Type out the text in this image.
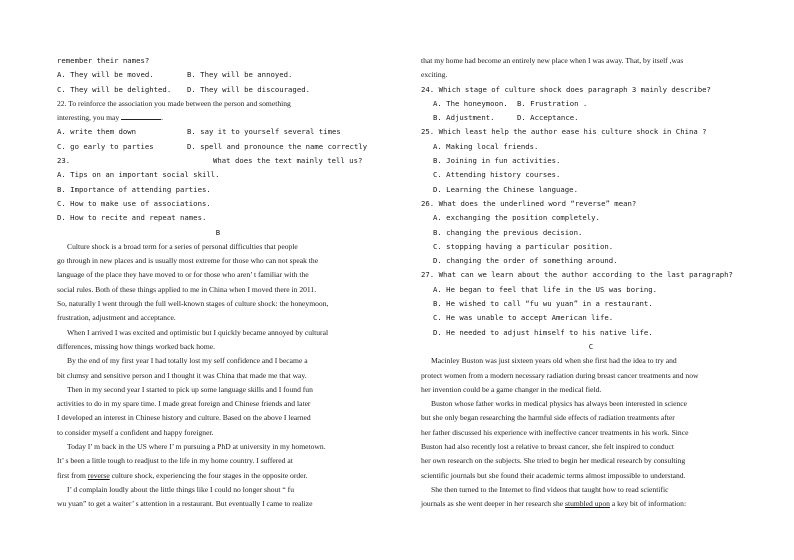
remember their names?
A. They will be moved.	B. They will be annoyed.
C. They will be delighted. D. They will be discouraged.
22. To reinforce the association you made between the person and something
interesting, you may	.
A. write them down	B. say it to yourself several times
C. go early to parties	D. spell and pronounce the name correctly
23.	What does the text mainly tell us?
A. Tips on an important social skill.
B. Importance of attending parties.
C. How to make use of associations.
D. How to recite and repeat names.
B
Culture shock is a broad term for a series of personal difficulties that people
go through in new places and is usually most extreme for those who can not speak the
language of the place they have moved to or for those who aren’ t familiar with the
social rules. Both of these things applied to me in China when I moved there in 2011.
So, naturally I went through the full well-known stages of culture shock: the honeymoon,
frustration, adjustment and acceptance.
When I arrived I was excited and optimistic but I quickly became annoyed by cultural
differences, missing how things worked back home.
By the end of my first year I had totally lost my self confidence and I became a
bit clumsy and sensitive person and I thought it was China that made me that way.
Then in my second year I started to pick up some language skills and I found fun
activities to do in my spare time. I made great foreign and Chinese friends and later
I developed an interest in Chinese history and culture. Based on the above I learned
to consider myself a confident and happy foreigner.
Today I’ m back in the US where I’ m pursuing a PhD at university in my hometown.
It’ s been a little tough to readjust to the life in my home country. I suffered at
first from reverse culture shock, experiencing the four stages in the opposite order.
I’ d complain loudly about the little things like I could no longer shout “ fu
wu yuan” to get a waiter’ s attention in a restaurant. But eventually I came to realize
that my home had become an entirely new place when I was away. That, by itself ,was
exciting.
24. Which stage of culture shock does paragraph 3 mainly describe?
A. The honeymoon. B. Frustration .
B. Adjustment.	D. Acceptance.
25. Which least help the author ease his culture shock in China ?
A. Making local friends.
B. Joining in fun activities.
C. Attending history courses.
D. Learning the Chinese language.
26. What does the underlined word “reverse” mean?
A. exchanging the position completely.
B. changing the previous decision.
C. stopping having a particular position.
D. changing the order of something around.
27. What can we learn about the author according to the last paragraph?
A. He began to feel that life in the US was boring.
B. He wished to call “fu wu yuan” in a restaurant.
C. He was unable to accept American life.
D. He needed to adjust himself to his native life.
C
Macinley Buston was just sixteen years old when she first had the idea to try and
protect women from a modern necessary radiation during breast cancer treatments and now
her invention could be a game changer in the medical field.
Buston whose father works in medical physics has always been interested in science
but she only began researching the harmful side effects of radiation treatments after
her father discussed his experience with ineffective cancer treatments in his work. Since
Buston had also recently lost a relative to breast cancer, she felt inspired to conduct
her own research on the subjects. She tried to begin her medical research by consulting
scientific journals but she found their academic terms almost impossible to understand.
She then turned to the Internet to find videos that taught how to read scientific
journals as she went deeper in her research she stumbled upon a key bit of information:
